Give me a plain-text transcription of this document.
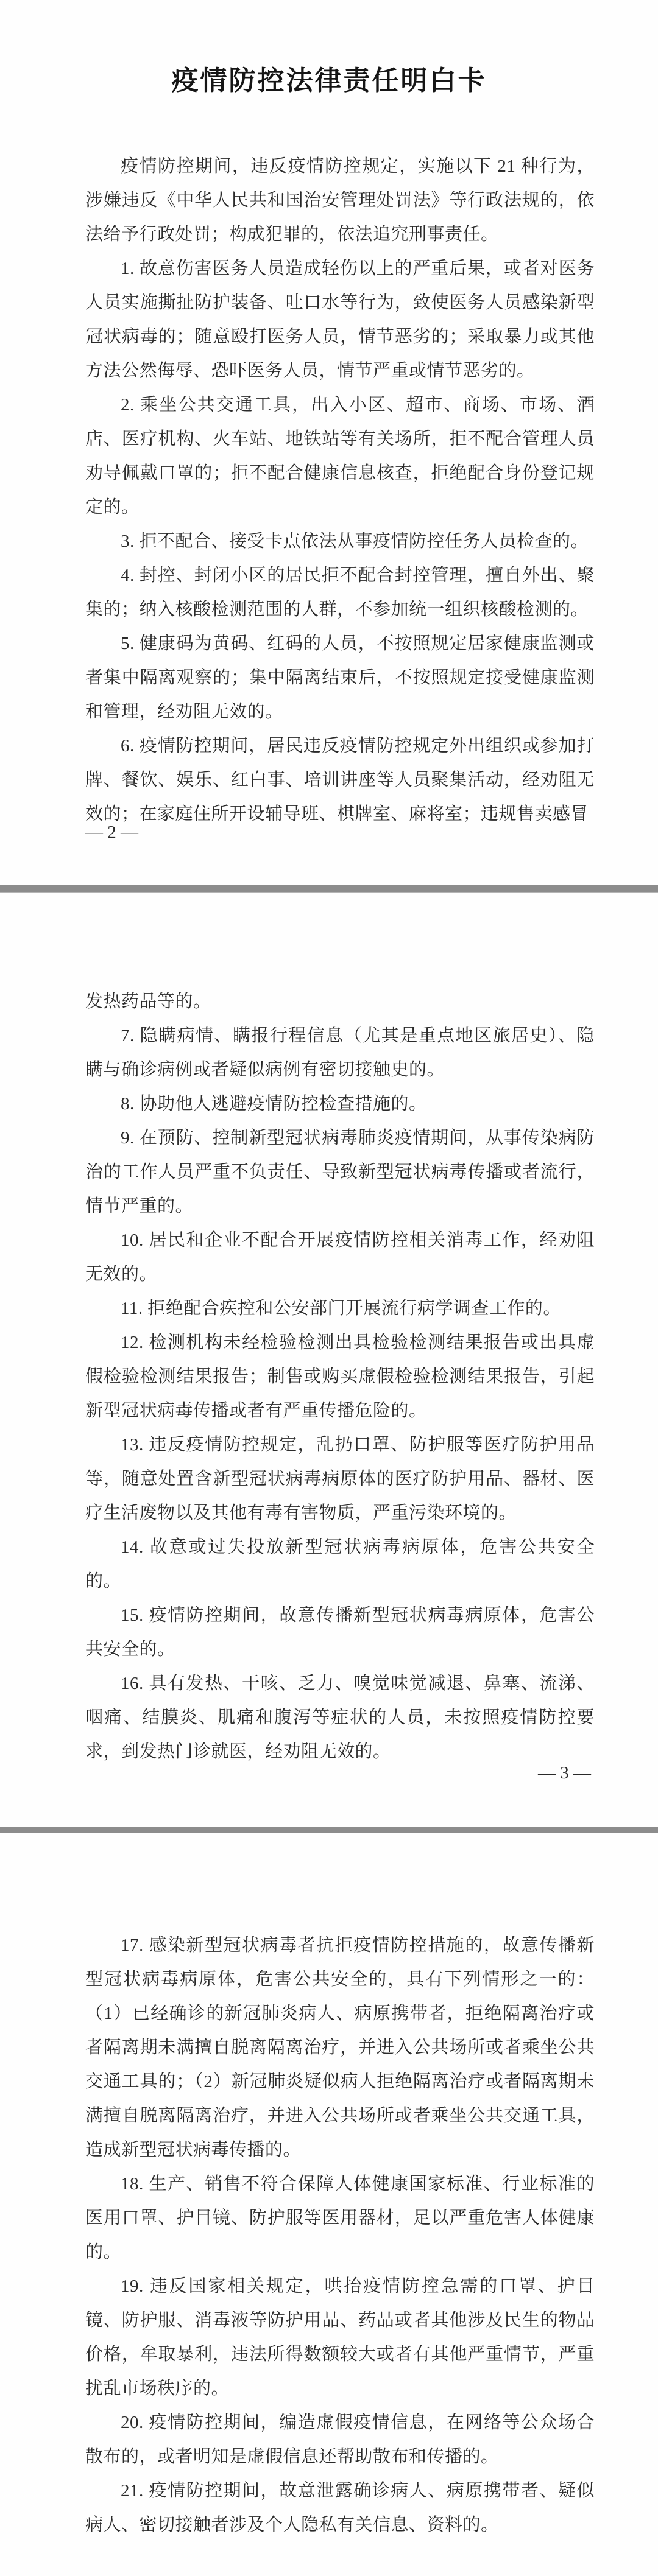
疫情防控法律责任明白卡

疫情防控期间，违反疫情防控规定，实施以下 21 种行为，涉嫌违反《中华人民共和国治安管理处罚法》等行政法规的，依法给予行政处罚；构成犯罪的，依法追究刑事责任。

1. 故意伤害医务人员造成轻伤以上的严重后果，或者对医务人员实施撕扯防护装备、吐口水等行为，致使医务人员感染新型冠状病毒的；随意殴打医务人员，情节恶劣的；采取暴力或其他方法公然侮辱、恐吓医务人员，情节严重或情节恶劣的。

2. 乘坐公共交通工具，出入小区、超市、商场、市场、酒店、医疗机构、火车站、地铁站等有关场所，拒不配合管理人员劝导佩戴口罩的；拒不配合健康信息核查，拒绝配合身份登记规定的。

3. 拒不配合、接受卡点依法从事疫情防控任务人员检查的。

4. 封控、封闭小区的居民拒不配合封控管理，擅自外出、聚集的；纳入核酸检测范围的人群，不参加统一组织核酸检测的。

5. 健康码为黄码、红码的人员，不按照规定居家健康监测或者集中隔离观察的；集中隔离结束后，不按照规定接受健康监测和管理，经劝阻无效的。

6. 疫情防控期间，居民违反疫情防控规定外出组织或参加打牌、餐饮、娱乐、红白事、培训讲座等人员聚集活动，经劝阻无效的；在家庭住所开设辅导班、棋牌室、麻将室；违规售卖感冒

— 2 —

发热药品等的。

7. 隐瞒病情、瞒报行程信息（尤其是重点地区旅居史）、隐瞒与确诊病例或者疑似病例有密切接触史的。

8. 协助他人逃避疫情防控检查措施的。

9. 在预防、控制新型冠状病毒肺炎疫情期间，从事传染病防治的工作人员严重不负责任、导致新型冠状病毒传播或者流行，情节严重的。

10. 居民和企业不配合开展疫情防控相关消毒工作，经劝阻无效的。

11. 拒绝配合疾控和公安部门开展流行病学调查工作的。

12. 检测机构未经检验检测出具检验检测结果报告或出具虚假检验检测结果报告；制售或购买虚假检验检测结果报告，引起新型冠状病毒传播或者有严重传播危险的。

13. 违反疫情防控规定，乱扔口罩、防护服等医疗防护用品等，随意处置含新型冠状病毒病原体的医疗防护用品、器材、医疗生活废物以及其他有毒有害物质，严重污染环境的。

14. 故意或过失投放新型冠状病毒病原体，危害公共安全的。

15. 疫情防控期间，故意传播新型冠状病毒病原体，危害公共安全的。

16. 具有发热、干咳、乏力、嗅觉味觉减退、鼻塞、流涕、咽痛、结膜炎、肌痛和腹泻等症状的人员，未按照疫情防控要求，到发热门诊就医，经劝阻无效的。

— 3 —

17. 感染新型冠状病毒者抗拒疫情防控措施的，故意传播新型冠状病毒病原体，危害公共安全的，具有下列情形之一的：（1）已经确诊的新冠肺炎病人、病原携带者，拒绝隔离治疗或者隔离期未满擅自脱离隔离治疗，并进入公共场所或者乘坐公共交通工具的；（2）新冠肺炎疑似病人拒绝隔离治疗或者隔离期未满擅自脱离隔离治疗，并进入公共场所或者乘坐公共交通工具，造成新型冠状病毒传播的。

18. 生产、销售不符合保障人体健康国家标准、行业标准的医用口罩、护目镜、防护服等医用器材，足以严重危害人体健康的。

19. 违反国家相关规定，哄抬疫情防控急需的口罩、护目镜、防护服、消毒液等防护用品、药品或者其他涉及民生的物品价格，牟取暴利，违法所得数额较大或者有其他严重情节，严重扰乱市场秩序的。

20. 疫情防控期间，编造虚假疫情信息，在网络等公众场合散布的，或者明知是虚假信息还帮助散布和传播的。

21. 疫情防控期间，故意泄露确诊病人、病原携带者、疑似病人、密切接触者涉及个人隐私有关信息、资料的。
